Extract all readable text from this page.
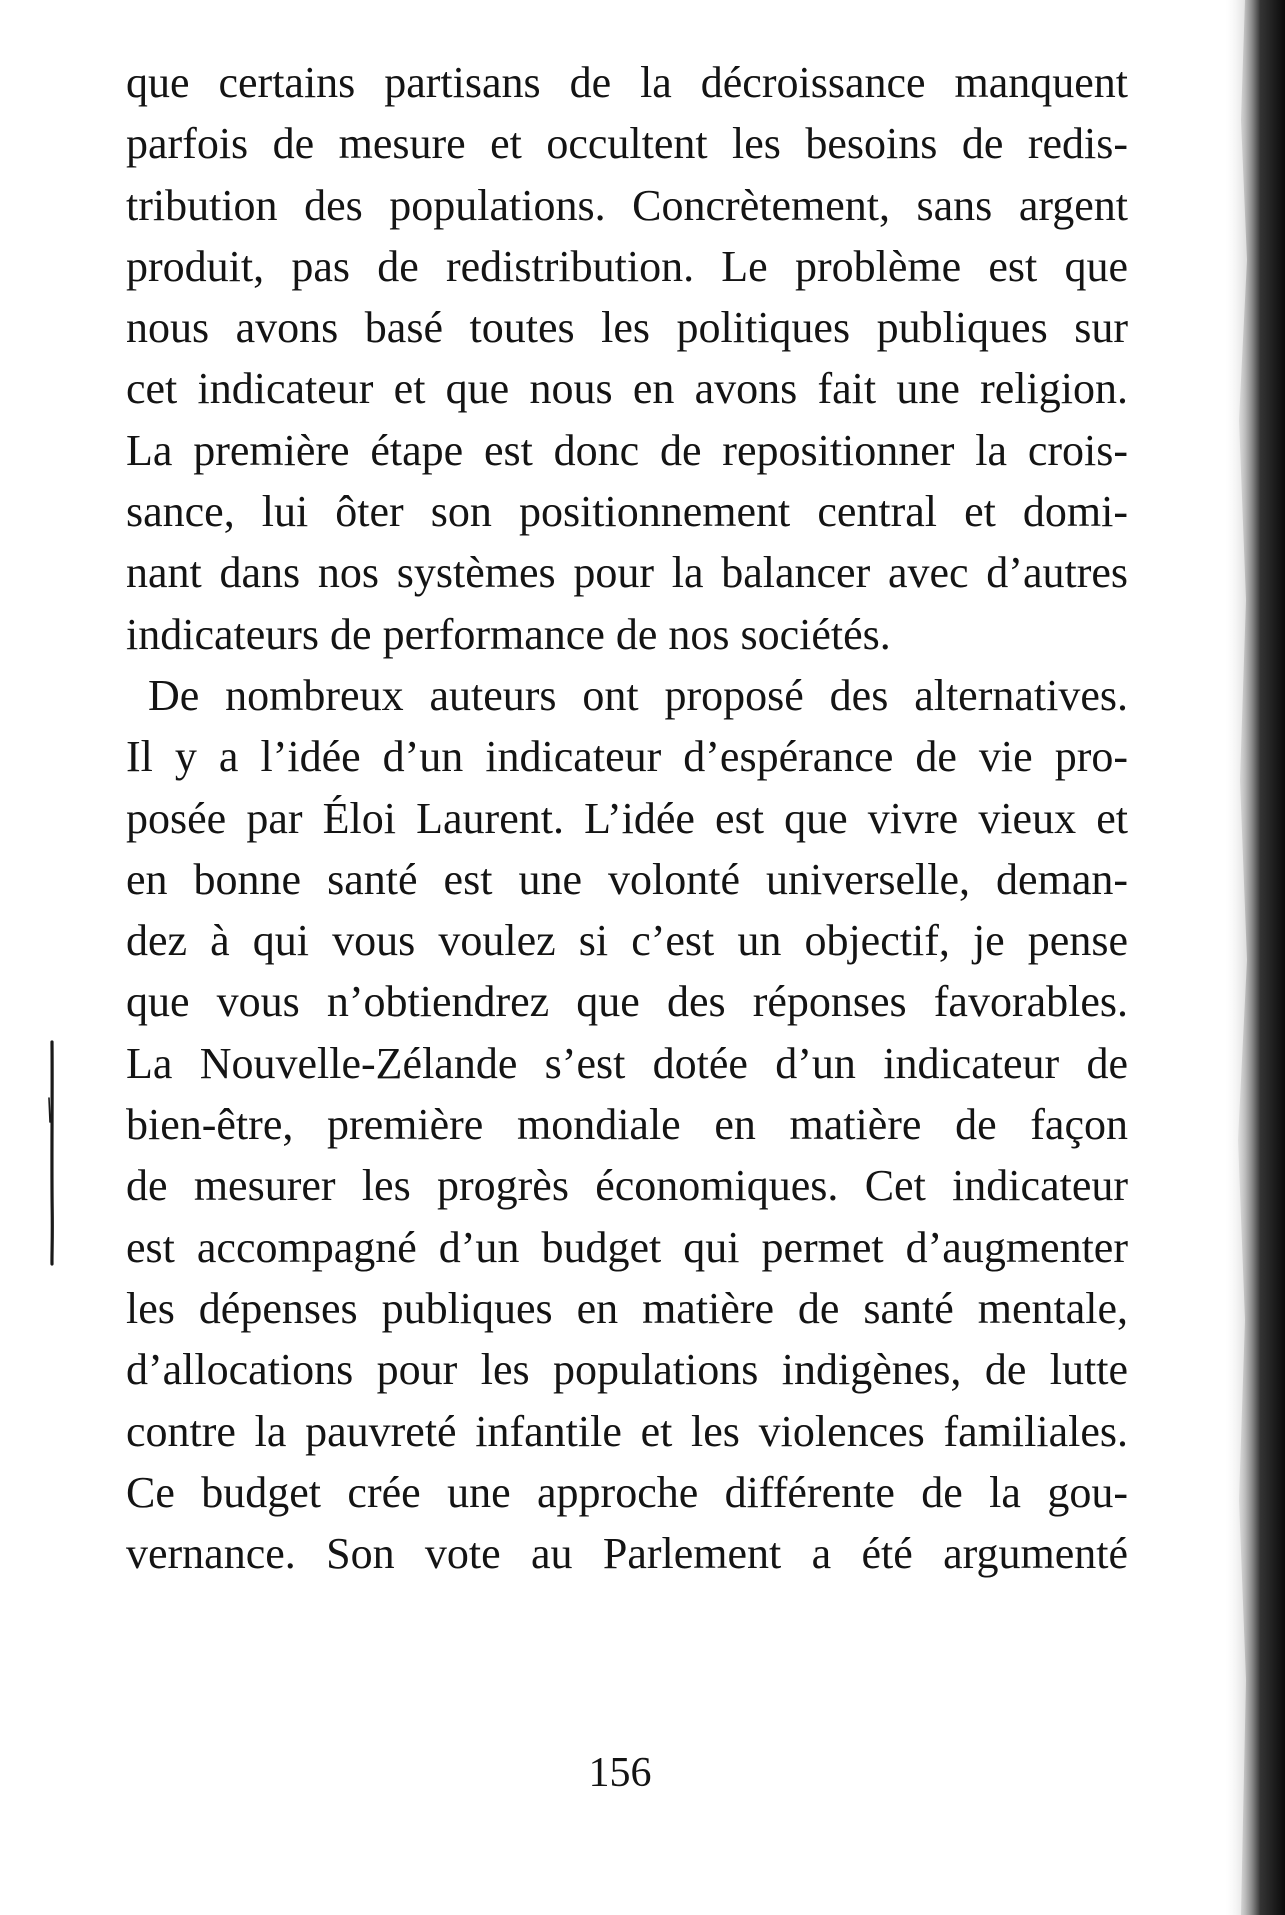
que certains partisans de la décroissance manquent
parfois de mesure et occultent les besoins de redis-
tribution des populations. Concrètement, sans argent
produit, pas de redistribution. Le problème est que
nous avons basé toutes les politiques publiques sur
cet indicateur et que nous en avons fait une religion.
La première étape est donc de repositionner la crois-
sance, lui ôter son positionnement central et domi-
nant dans nos systèmes pour la balancer avec d’autres
indicateurs de performance de nos sociétés.
De nombreux auteurs ont proposé des alternatives.
Il y a l’idée d’un indicateur d’espérance de vie pro-
posée par Éloi Laurent. L’idée est que vivre vieux et
en bonne santé est une volonté universelle, deman-
dez à qui vous voulez si c’est un objectif, je pense
que vous n’obtiendrez que des réponses favorables.
La Nouvelle-Zélande s’est dotée d’un indicateur de
bien-être, première mondiale en matière de façon
de mesurer les progrès économiques. Cet indicateur
est accompagné d’un budget qui permet d’augmenter
les dépenses publiques en matière de santé mentale,
d’allocations pour les populations indigènes, de lutte
contre la pauvreté infantile et les violences familiales.
Ce budget crée une approche différente de la gou-
vernance. Son vote au Parlement a été argumenté
156
